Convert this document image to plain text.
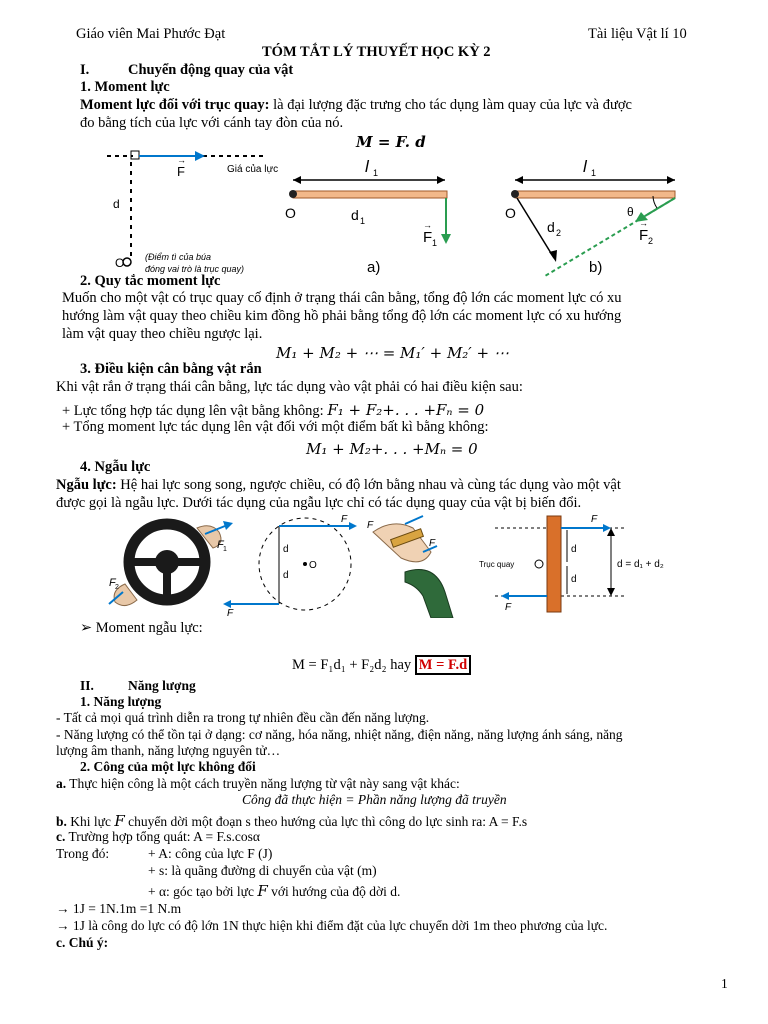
Giáo viên Mai Phước Đạt	Tài liệu Vật lí 10
TÓM TẮT LÝ THUYẾT HỌC KỲ 2
I.	Chuyển động quay của vật
1. Moment lực
Moment lực đối với trục quay: là đại lượng đặc trưng cho tác dụng làm quay của lực và được
đo bằng tích của lực với cánh tay đòn của nó.
M = F. d
F
→
Giá của lực
d
O (Điểm tì của búa
đóng vai trò là trục quay)
l 1
O	d 1
F 1
→
a)
l 1
O
d 2
θ
F 2
→
b)
2. Quy tắc moment lực
Muốn cho một vật có trục quay cố định ở trạng thái cân bằng, tổng độ lớn các moment lực có xu
hướng làm vật quay theo chiều kim đồng hồ phải bằng tổng độ lớn các moment lực có xu hướng
làm vật quay theo chiều ngược lại.
M₁ + M₂ + ⋯ = M₁′ + M₂′ + ⋯
3. Điều kiện cân bằng vật rắn
Khi vật rắn ở trạng thái cân bằng, lực tác dụng vào vật phải có hai điều kiện sau:
+ Lực tổng hợp tác dụng lên vật bằng không: F₁ + F₂+. . . +Fₙ = 0
+ Tổng moment lực tác dụng lên vật đối với một điểm bất kì bằng không:
M₁ + M₂+. . . +Mₙ = 0
4. Ngẫu lực
Ngẫu lực: Hệ hai lực song song, ngược chiều, có độ lớn bằng nhau và cùng tác dụng vào một vật
được gọi là ngẫu lực. Dưới tác dụng của ngẫu lực chỉ có tác dụng quay của vật bị biến đổi.
F 1
F 2
F
F
d
d
O
F
F
F
F
Trục quay
d
d
d = d₁ + d₂
➢ Moment ngẫu lực:
M = F₁d₁ + F₂d₂ hay M = F.d
II.	Năng lượng
1. Năng lượng
- Tất cả mọi quá trình diễn ra trong tự nhiên đều cần đến năng lượng.
- Năng lượng có thể tồn tại ở dạng: cơ năng, hóa năng, nhiệt năng, điện năng, năng lượng ánh sáng, năng
lượng âm thanh, năng lượng nguyên tử…
2. Công của một lực không đổi
a. Thực hiện công là một cách truyền năng lượng từ vật này sang vật khác:
Công đã thực hiện = Phần năng lượng đã truyền
b. Khi lực F chuyển dời một đoạn s theo hướng của lực thì công do lực sinh ra: A = F.s
c. Trường hợp tổng quát: A = F.s.cosα
Trong đó:	+ A: công của lực F (J)
+ s: là quãng đường di chuyển của vật (m)
+ α: góc tạo bởi lực F với hướng của độ dời d.
→ 1J = 1N.1m =1 N.m
→ 1J là công do lực có độ lớn 1N thực hiện khi điểm đặt của lực chuyển dời 1m theo phương của lực.
c. Chú ý:
1
